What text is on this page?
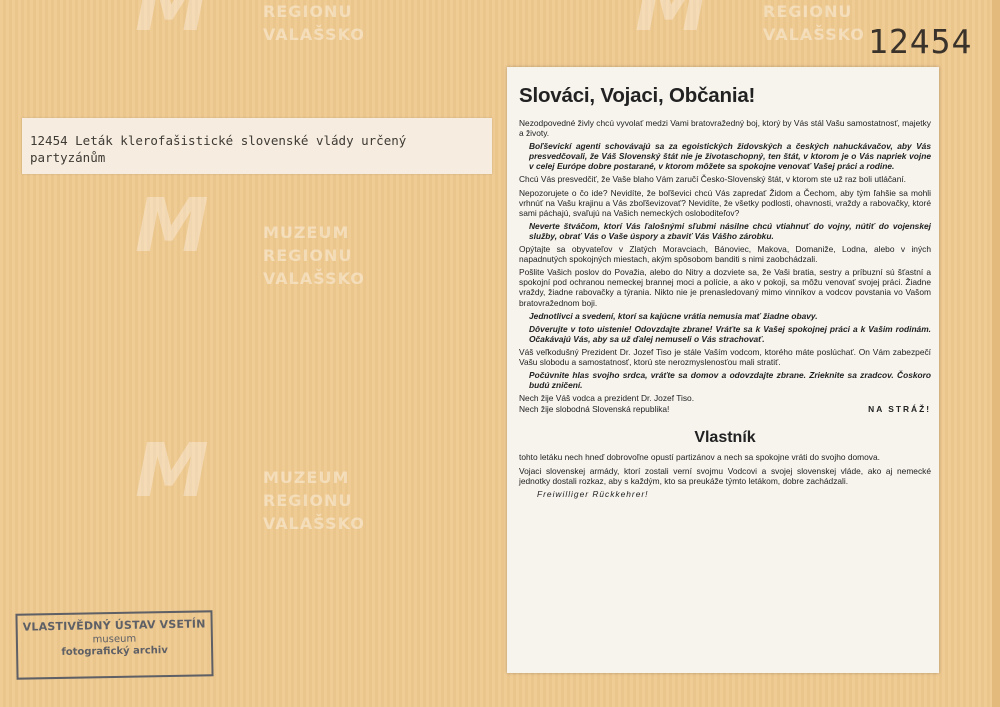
REGIONU
VALAŠSKO
REGIONU
VALAŠSKO
M	MUZEUM
REGIONU
VALAŠSKO
M	MUZEUM
REGIONU
VALAŠSKO
12454
12454 Leták klerofašistické slovenské vlády určený partyzánům
VLASTIVĚDNÝ ÚSTAV VSETÍN
museum
fotografický archiv
Slováci, Vojaci, Občania!
Nezodpovedné živly chcú vyvolať medzi Vami bratovražedný boj, ktorý by Vás stál Vašu samostatnosť, majetky a životy.
Boľševickí agenti schovávajú sa za egoistických židovských a českých nahuckávačov, aby Vás presvedčovali, že Váš Slovenský štát nie je životaschopný, ten štát, v ktorom je o Vás napriek vojne v celej Európe dobre postarané, v ktorom môžete sa spokojne venovať Vašej práci a rodine.
Chcú Vás presvedčiť, že Vaše blaho Vám zaručí Česko-Slovenský štát, v ktorom ste už raz boli utláčaní.
Nepozorujete o čo ide? Nevidíte, že boľševici chcú Vás zapredať Židom a Čechom, aby tým ľahšie sa mohli vrhnúť na Vašu krajinu a Vás zboľševizovať? Nevidíte, že všetky podlosti, ohavnosti, vraždy a rabovačky, ktoré sami páchajú, svaľujú na Vašich nemeckých osloboditeľov?
Neverte štváčom, ktorí Vás ľalošnými sľubmi násilne chcú vtiahnuť do vojny, nútiť do vojenskej služby, obrať Vás o Vaše úspory a zbaviť Vás Vášho zárobku.
Opýtajte sa obyvateľov v Zlatých Moravciach, Bánoviec, Makova, Domaniže, Lodna, alebo v iných napadnutých spokojných miestach, akým spôsobom banditi s nimi zaobchádzali.
Pošlite Vašich poslov do Považia, alebo do Nitry a dozviete sa, že Vaši bratia, sestry a príbuzní sú šťastní a spokojní pod ochranou nemeckej brannej moci a polície, a ako v pokoji, sa môžu venovať svojej práci. Žiadne vraždy, žiadne rabovačky a týrania. Nikto nie je prenasledovaný mimo vinníkov a vodcov povstania vo Vašom bratovražednom boji.
Jednotlivci a svedení, ktorí sa kajúcne vrátia nemusia mať žiadne obavy.
Dôverujte v toto uistenie! Odovzdajte zbrane! Vráťte sa k Vašej spokojnej práci a k Vašim rodinám. Očakávajú Vás, aby sa už ďalej nemuseli o Vás strachovať.
Váš veľkodušný Prezident Dr. Jozef Tiso je stále Vaším vodcom, ktorého máte poslúchať. On Vám zabezpečí Vašu slobodu a samostatnosť, ktorú ste nerozmyslenosťou mali stratiť.
Počúvnite hlas svojho srdca, vráťte sa domov a odovzdajte zbrane. Zrieknite sa zradcov. Čoskoro budú zničení.
Nech žije Váš vodca a prezident Dr. Jozef Tiso.
NA STRÁŽ!
Nech žije slobodná Slovenská republika!
Vlastník
tohto letáku nech hneď dobrovoľne opustí partizánov a nech sa spokojne vráti do svojho domova.
Vojaci slovenskej armády, ktorí zostali verní svojmu Vodcovi a svojej slovenskej vláde, ako aj nemecké jednotky dostali rozkaz, aby s každým, kto sa preukáže týmto letákom, dobre zachádzali.
Freiwilliger Rückkehrer!
